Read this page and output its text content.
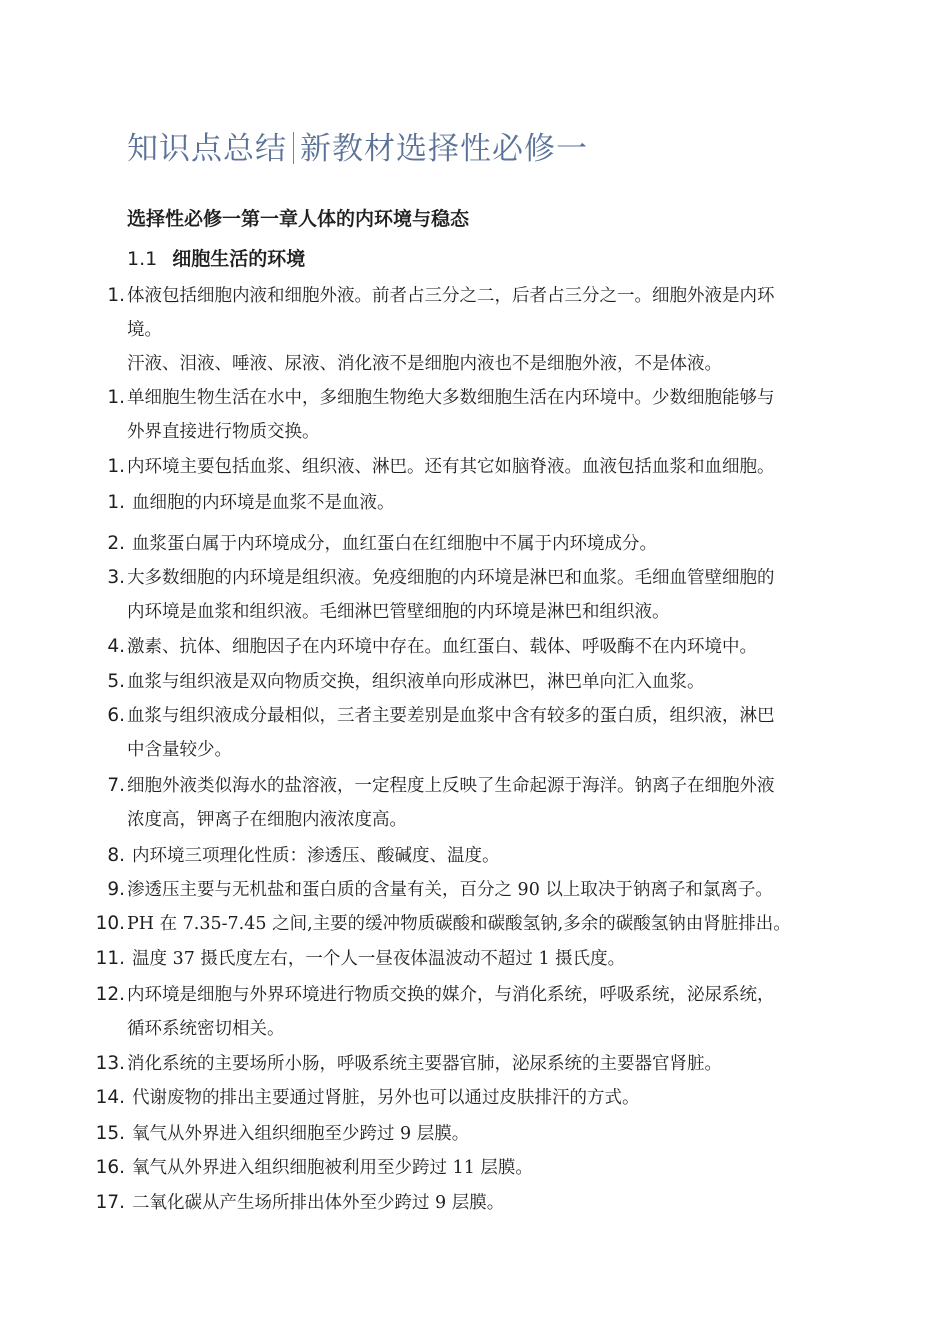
知识点总结 新教材选择性必修一
选择性必修一第一章人体的内环境与稳态
1.1 细胞生活的环境
1. 体液包括细胞内液和细胞外液。前者占三分之二，后者占三分之一。细胞外液是内环
境。
汗液、泪液、唾液、尿液、消化液不是细胞内液也不是细胞外液，不是体液。
1. 单细胞生物生活在水中，多细胞生物绝大多数细胞生活在内环境中。少数细胞能够与
外界直接进行物质交换。
1. 内环境主要包括血浆、组织液、淋巴。还有其它如脑脊液。血液包括血浆和血细胞。
1. 血细胞的内环境是血浆不是血液。
2. 血浆蛋白属于内环境成分，血红蛋白在红细胞中不属于内环境成分。
3. 大多数细胞的内环境是组织液。免疫细胞的内环境是淋巴和血浆。毛细血管壁细胞的
内环境是血浆和组织液。毛细淋巴管壁细胞的内环境是淋巴和组织液。
4. 激素、抗体、细胞因子在内环境中存在。血红蛋白、载体、呼吸酶不在内环境中。
5. 血浆与组织液是双向物质交换，组织液单向形成淋巴，淋巴单向汇入血浆。
6. 血浆与组织液成分最相似，三者主要差别是血浆中含有较多的蛋白质，组织液，淋巴
中含量较少。
7. 细胞外液类似海水的盐溶液，一定程度上反映了生命起源于海洋。钠离子在细胞外液
浓度高，钾离子在细胞内液浓度高。
8. 内环境三项理化性质：渗透压、酸碱度、温度。
9. 渗透压主要与无机盐和蛋白质的含量有关，百分之 90 以上取决于钠离子和氯离子。
10. PH 在 7.35-7.45 之间,主要的缓冲物质碳酸和碳酸氢钠,多余的碳酸氢钠由肾脏排出。
11. 温度 37 摄氏度左右，一个人一昼夜体温波动不超过 1 摄氏度。
12. 内环境是细胞与外界环境进行物质交换的媒介，与消化系统，呼吸系统，泌尿系统，
循环系统密切相关。
13. 消化系统的主要场所小肠，呼吸系统主要器官肺，泌尿系统的主要器官肾脏。
14. 代谢废物的排出主要通过肾脏，另外也可以通过皮肤排汗的方式。
15. 氧气从外界进入组织细胞至少跨过 9 层膜。
16. 氧气从外界进入组织细胞被利用至少跨过 11 层膜。
17. 二氧化碳从产生场所排出体外至少跨过 9 层膜。
